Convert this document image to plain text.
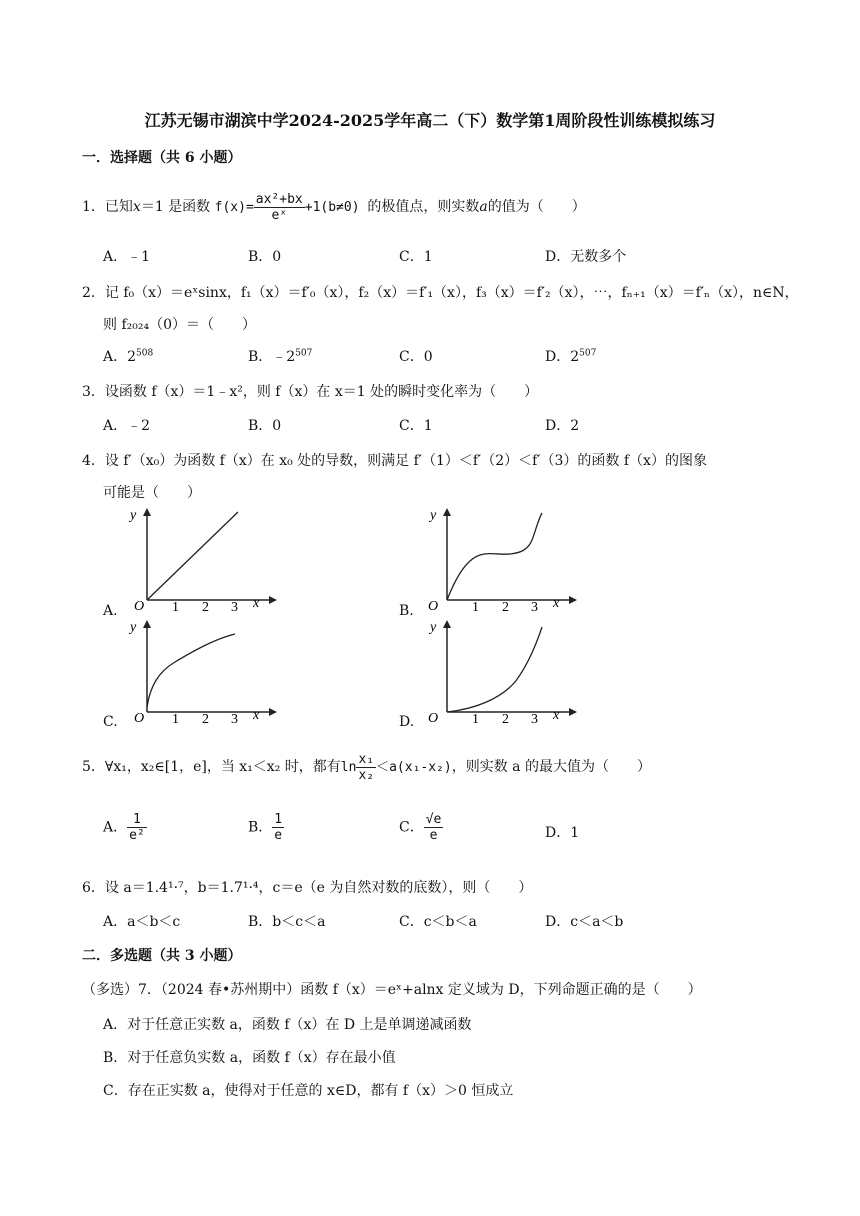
江苏无锡市湖滨中学2024-2025学年高二（下）数学第1周阶段性训练模拟练习
一．选择题（共 6 小题）
1．已知x＝1 是函数 $f(x)= \frac{\text{ax²+bx}}{\text{eˣ}} +1(b\ne 0)$ 的极值点，则实数a的值为（　　）
A．﹣1	B．0	C．1	D．无数多个
2．记 f₀（x）＝eˣsinx，f₁（x）＝f′₀（x），f₂（x）＝f′₁（x），f₃（x）＝f′₂（x），⋯，fₙ₊₁（x）＝f′ₙ（x），n∈N，
则 f₂₀₂₄（0）＝（　　）
A．$2^{508}$	B．$﹣2^{507}$	C．0	D．$2^{507}$
3．设函数 f（x）＝1﹣x²，则 f（x）在 x＝1 处的瞬时变化率为（　　）
A．﹣2	B．0	C．1	D．2
4．设 f′（x₀）为函数 f（x）在 x₀ 处的导数，则满足 f′（1）＜f′（2）＜f′（3）的函数 f（x）的图象
可能是（　　）
A.
y
x
O 1 2 3	B.
y
x
O 1 2 3
C.
y
x
O 1 2 3	D.
y
x
O 1 2 3
5．∀x₁，x₂∈[1，e]，当 x₁＜x₂ 时，都有$\ln \frac{\text{x₁}}{\text{x₂}} <a(x_1-x_2)$，则实数 a 的最大值为（　　）
A． $\frac{1}{\text{e²}}$	B． $\frac{1}{e}$	C． $\frac{√e}{e}$	D．1
6．设 a＝1.4¹·⁷，b＝1.7¹·⁴，c＝e（e 为自然对数的底数），则（　　）
A．a＜b＜c	B．b＜c＜a	C．c＜b＜a	D．c＜a＜b
二．多选题（共 3 小题）
（多选）7．（2024 春•苏州期中）函数 f（x）＝eˣ+alnx 定义域为 D，下列命题正确的是（　　）
A．对于任意正实数 a，函数 f（x）在 D 上是单调递减函数
B．对于任意负实数 a，函数 f（x）存在最小值
C．存在正实数 a，使得对于任意的 x∈D，都有 f（x）＞0 恒成立
